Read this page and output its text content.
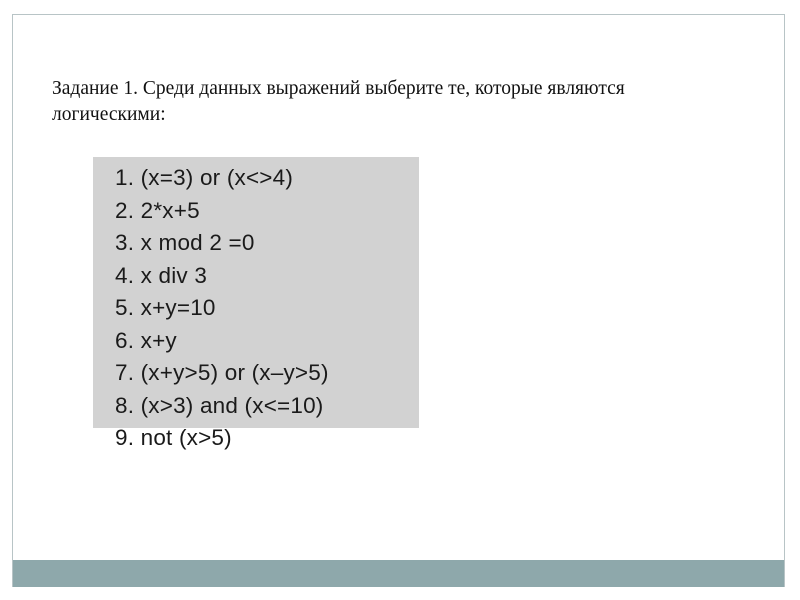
Задание 1. Среди данных выражений выберите те, которые являются логическими:

1. (x=3) or (x<>4)
2. 2*x+5
3. x mod 2 =0
4. x div 3
5. x+y=10
6. x+y
7. (x+y>5) or (x–y>5)
8. (x>3) and (x<=10)
9. not (x>5)
